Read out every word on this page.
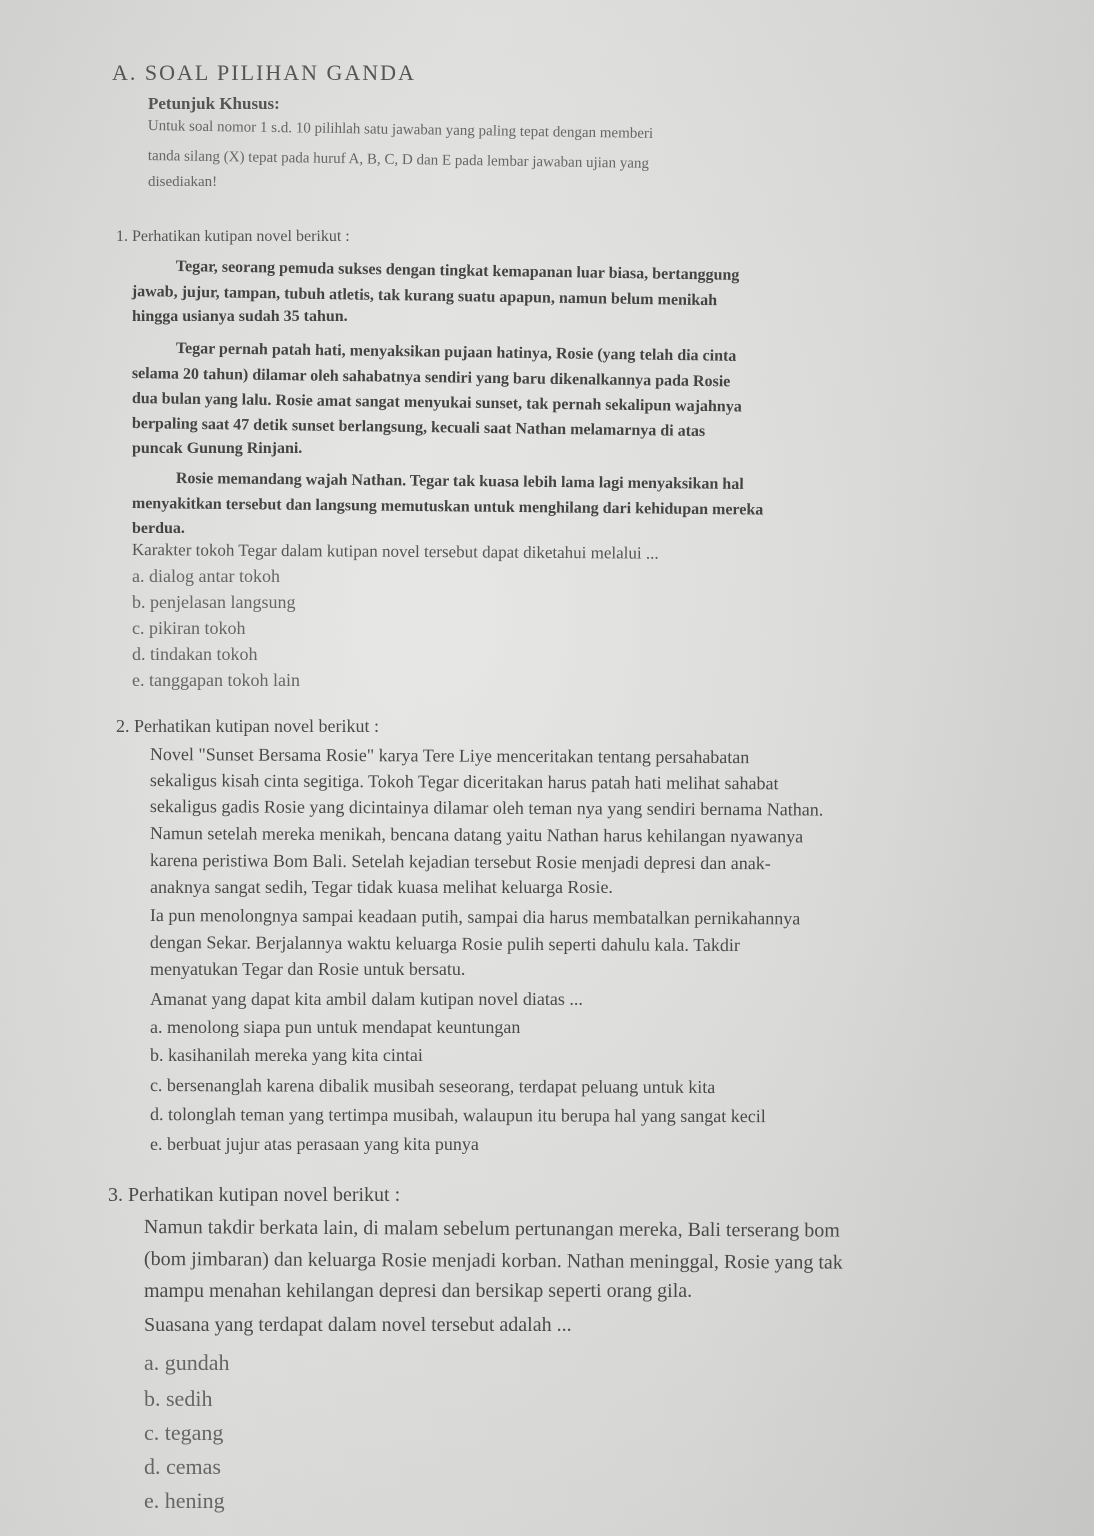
A. SOAL PILIHAN GANDA
Petunjuk Khusus:
Untuk soal nomor 1 s.d. 10 pilihlah satu jawaban yang paling tepat dengan memberi
tanda silang (X) tepat pada huruf A, B, C, D dan E pada lembar jawaban ujian yang
disediakan!
1. Perhatikan kutipan novel berikut :
Tegar, seorang pemuda sukses dengan tingkat kemapanan luar biasa, bertanggung
jawab, jujur, tampan, tubuh atletis, tak kurang suatu apapun, namun belum menikah
hingga usianya sudah 35 tahun.
Tegar pernah patah hati, menyaksikan pujaan hatinya, Rosie (yang telah dia cinta
selama 20 tahun) dilamar oleh sahabatnya sendiri yang baru dikenalkannya pada Rosie
dua bulan yang lalu. Rosie amat sangat menyukai sunset, tak pernah sekalipun wajahnya
berpaling saat 47 detik sunset berlangsung, kecuali saat Nathan melamarnya di atas
puncak Gunung Rinjani.
Rosie memandang wajah Nathan. Tegar tak kuasa lebih lama lagi menyaksikan hal
menyakitkan tersebut dan langsung memutuskan untuk menghilang dari kehidupan mereka
berdua.
Karakter tokoh Tegar dalam kutipan novel tersebut dapat diketahui melalui ...
a. dialog antar tokoh
b. penjelasan langsung
c. pikiran tokoh
d. tindakan tokoh
e. tanggapan tokoh lain
2. Perhatikan kutipan novel berikut :
Novel "Sunset Bersama Rosie" karya Tere Liye menceritakan tentang persahabatan
sekaligus kisah cinta segitiga. Tokoh Tegar diceritakan harus patah hati melihat sahabat
sekaligus gadis Rosie yang dicintainya dilamar oleh teman nya yang sendiri bernama Nathan.
Namun setelah mereka menikah, bencana datang yaitu Nathan harus kehilangan nyawanya
karena peristiwa Bom Bali. Setelah kejadian tersebut Rosie menjadi depresi dan anak-
anaknya sangat sedih, Tegar tidak kuasa melihat keluarga Rosie.
Ia pun menolongnya sampai keadaan putih, sampai dia harus membatalkan pernikahannya
dengan Sekar. Berjalannya waktu keluarga Rosie pulih seperti dahulu kala. Takdir
menyatukan Tegar dan Rosie untuk bersatu.
Amanat yang dapat kita ambil dalam kutipan novel diatas ...
a. menolong siapa pun untuk mendapat keuntungan
b. kasihanilah mereka yang kita cintai
c. bersenanglah karena dibalik musibah seseorang, terdapat peluang untuk kita
d. tolonglah teman yang tertimpa musibah, walaupun itu berupa hal yang sangat kecil
e. berbuat jujur atas perasaan yang kita punya
3. Perhatikan kutipan novel berikut :
Namun takdir berkata lain, di malam sebelum pertunangan mereka, Bali terserang bom
(bom jimbaran) dan keluarga Rosie menjadi korban. Nathan meninggal, Rosie yang tak
mampu menahan kehilangan depresi dan bersikap seperti orang gila.
Suasana yang terdapat dalam novel tersebut adalah ...
a. gundah
b. sedih
c. tegang
d. cemas
e. hening
